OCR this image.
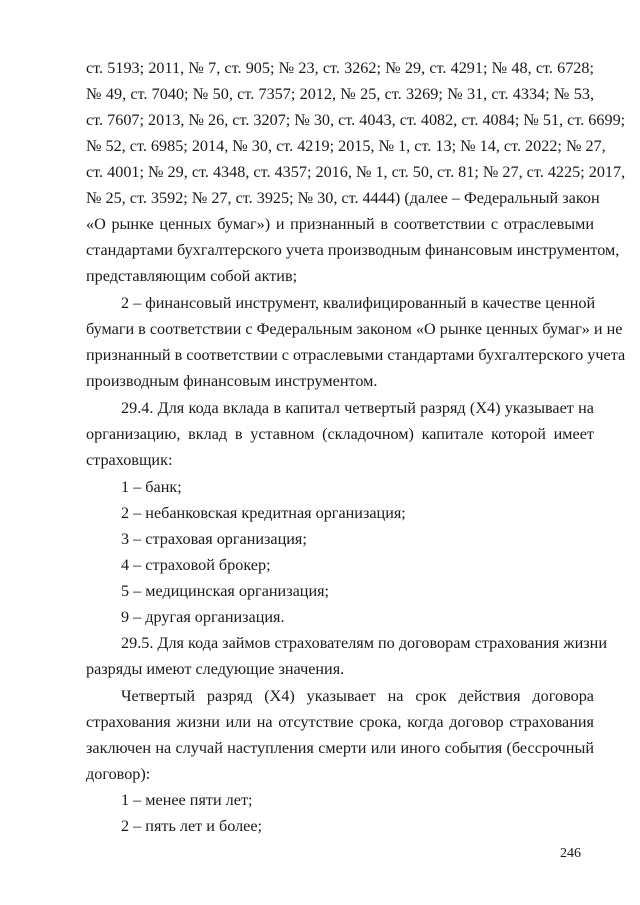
ст. 5193; 2011, № 7, ст. 905; № 23, ст. 3262; № 29, ст. 4291; № 48, ст. 6728;
№ 49, ст. 7040; № 50, ст. 7357; 2012, № 25, ст. 3269; № 31, ст. 4334; № 53,
ст. 7607; 2013, № 26, ст. 3207; № 30, ст. 4043, ст. 4082, ст. 4084; № 51, ст. 6699;
№ 52, ст. 6985; 2014, № 30, ст. 4219; 2015, № 1, ст. 13; № 14, ст. 2022; № 27,
ст. 4001; № 29, ст. 4348, ст. 4357; 2016, № 1, ст. 50, ст. 81; № 27, ст. 4225; 2017,
№ 25, ст. 3592; № 27, ст. 3925; № 30, ст. 4444) (далее – Федеральный закон
«О рынке ценных бумаг») и признанный в соответствии с отраслевыми
стандартами бухгалтерского учета производным финансовым инструментом,
представляющим собой актив;
2 – финансовый инструмент, квалифицированный в качестве ценной
бумаги в соответствии с Федеральным законом «О рынке ценных бумаг» и не
признанный в соответствии с отраслевыми стандартами бухгалтерского учета
производным финансовым инструментом.
29.4. Для кода вклада в капитал четвертый разряд (Х4) указывает на
организацию, вклад в уставном (складочном) капитале которой имеет
страховщик:
1 – банк;
2 – небанковская кредитная организация;
3 – страховая организация;
4 – страховой брокер;
5 – медицинская организация;
9 – другая организация.
29.5. Для кода займов страхователям по договорам страхования жизни
разряды имеют следующие значения.
Четвертый разряд (Х4) указывает на срок действия договора
страхования жизни или на отсутствие срока, когда договор страхования
заключен на случай наступления смерти или иного события (бессрочный
договор):
1 – менее пяти лет;
2 – пять лет и более;
246
